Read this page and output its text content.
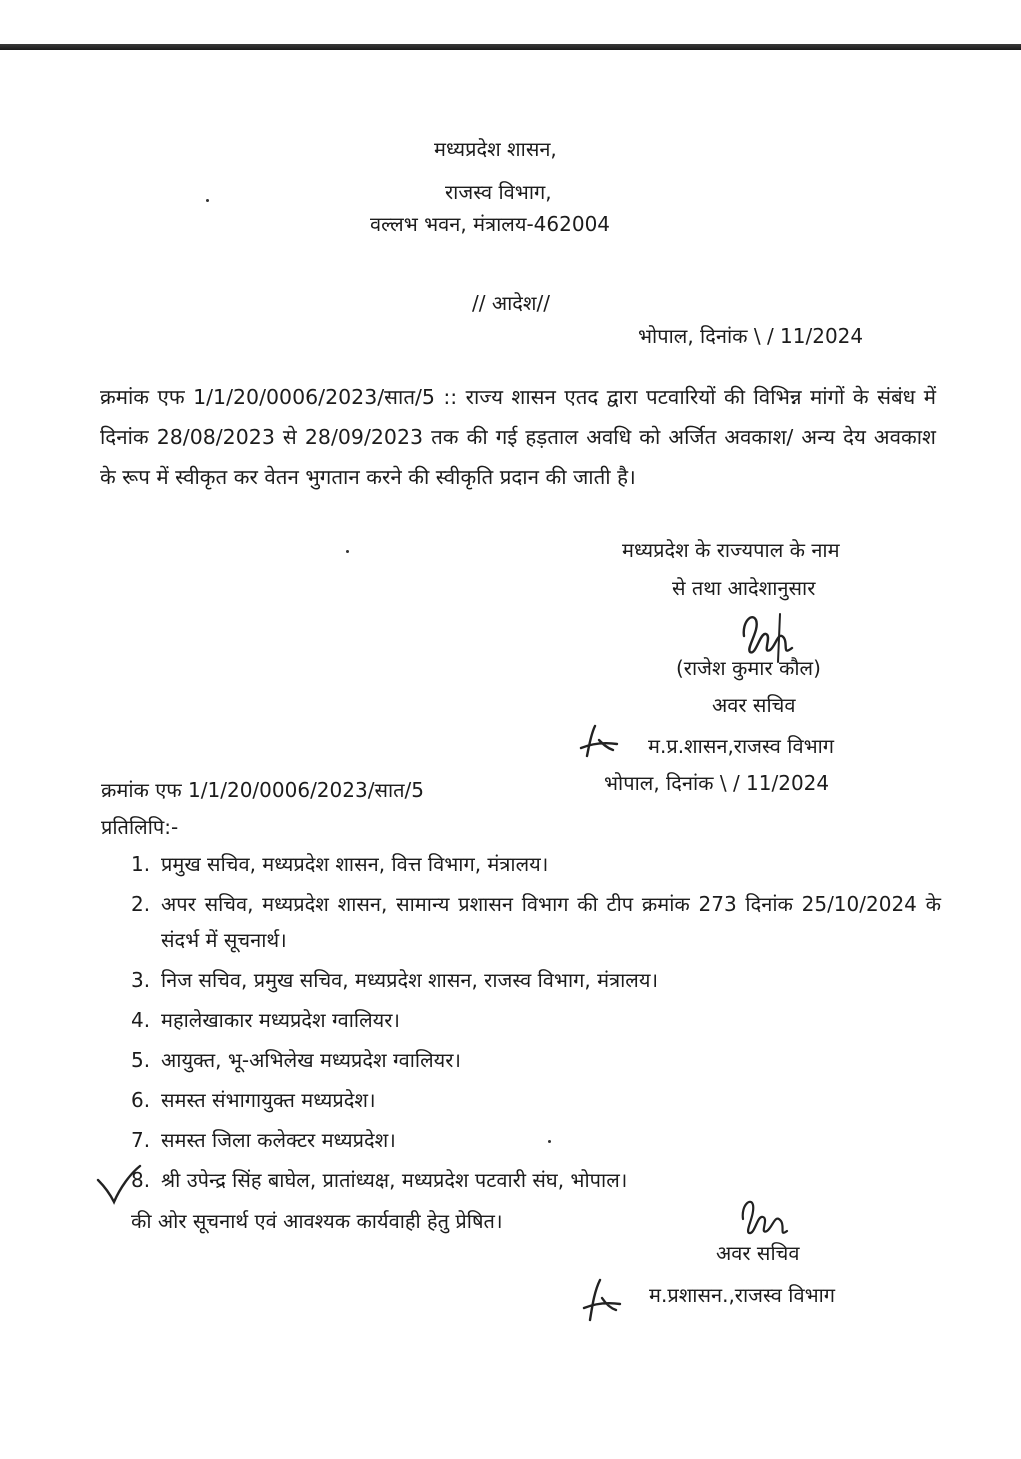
मध्यप्रदेश शासन,
राजस्व विभाग,
वल्लभ भवन, मंत्रालय-462004
// आदेश//
भोपाल, दिनांक \ / 11/2024
क्रमांक एफ 1/1/20/0006/2023/सात/5 :: राज्य शासन एतद द्वारा पटवारियों की विभिन्न मांगों के संबंध में दिनांक 28/08/2023 से 28/09/2023 तक की गई हड़ताल अवधि को अर्जित अवकाश/ अन्य देय अवकाश के रूप में स्वीकृत कर वेतन भुगतान करने की स्वीकृति प्रदान की जाती है।
मध्यप्रदेश के राज्यपाल के नाम
से तथा आदेशानुसार
(राजेश कुमार कौल)
अवर सचिव
म.प्र.शासन,राजस्व विभाग
क्रमांक एफ 1/1/20/0006/2023/सात/5	भोपाल, दिनांक \ / 11/2024
प्रतिलिपि:-
1. प्रमुख सचिव, मध्यप्रदेश शासन, वित्त विभाग, मंत्रालय।
2. अपर सचिव, मध्यप्रदेश शासन, सामान्य प्रशासन विभाग की टीप क्रमांक 273 दिनांक 25/10/2024 के संदर्भ में सूचनार्थ।
3. निज सचिव, प्रमुख सचिव, मध्यप्रदेश शासन, राजस्व विभाग, मंत्रालय।
4. महालेखाकार मध्यप्रदेश ग्वालियर।
5. आयुक्त, भू-अभिलेख मध्यप्रदेश ग्वालियर।
6. समस्त संभागायुक्त मध्यप्रदेश।
7. समस्त जिला कलेक्टर मध्यप्रदेश।
8. श्री उपेन्द्र सिंह बाघेल, प्रातांध्यक्ष, मध्यप्रदेश पटवारी संघ, भोपाल।
की ओर सूचनार्थ एवं आवश्यक कार्यवाही हेतु प्रेषित।
अवर सचिव
म.प्रशासन.,राजस्व विभाग
